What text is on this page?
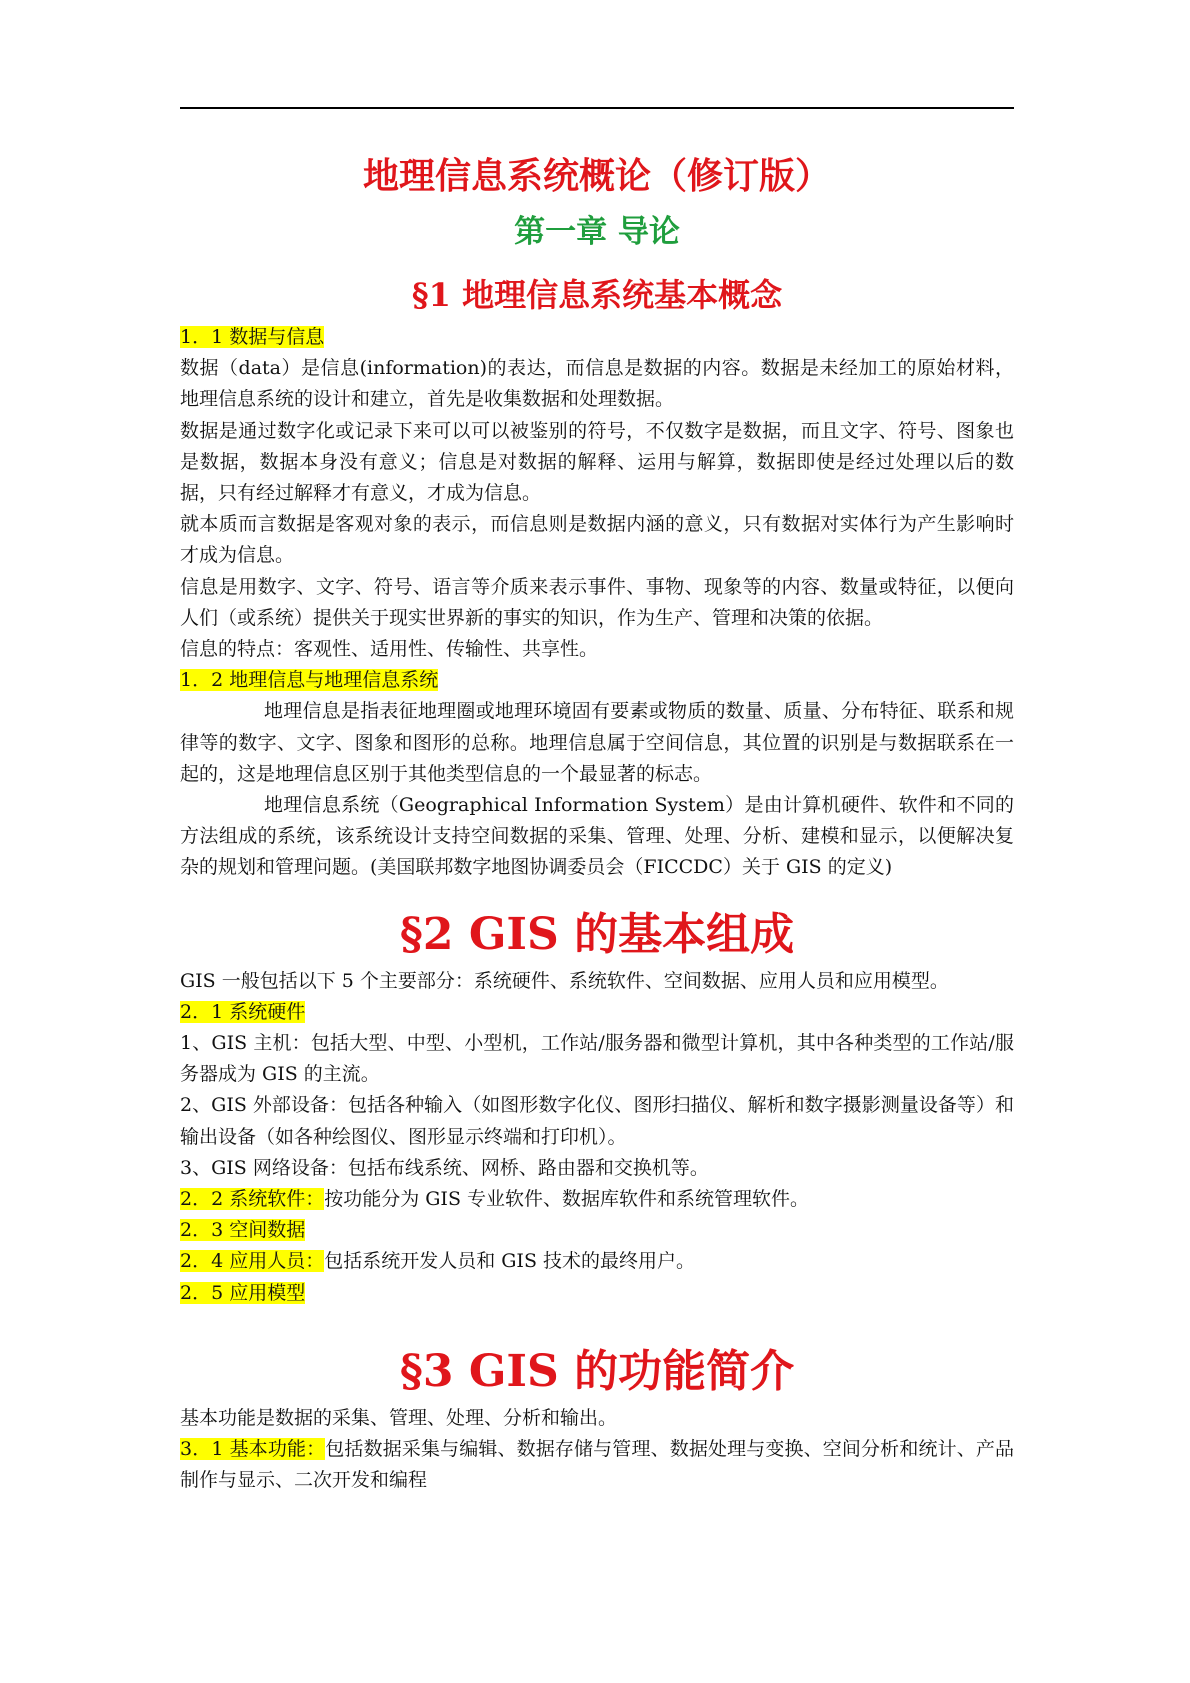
地理信息系统概论（修订版）
第一章 导论
§1 地理信息系统基本概念

1．1 数据与信息

数据（data）是信息(information)的表达，而信息是数据的内容。数据是未经加工的原始材料，地理信息系统的设计和建立，首先是收集数据和处理数据。

数据是通过数字化或记录下来可以可以被鉴别的符号，不仅数字是数据，而且文字、符号、图象也是数据，数据本身没有意义；信息是对数据的解释、运用与解算，数据即使是经过处理以后的数据，只有经过解释才有意义，才成为信息。

就本质而言数据是客观对象的表示，而信息则是数据内涵的意义，只有数据对实体行为产生影响时才成为信息。

信息是用数字、文字、符号、语言等介质来表示事件、事物、现象等的内容、数量或特征，以便向人们（或系统）提供关于现实世界新的事实的知识，作为生产、管理和决策的依据。

信息的特点：客观性、适用性、传输性、共享性。

1．2 地理信息与地理信息系统

地理信息是指表征地理圈或地理环境固有要素或物质的数量、质量、分布特征、联系和规律等的数字、文字、图象和图形的总称。地理信息属于空间信息，其位置的识别是与数据联系在一起的，这是地理信息区别于其他类型信息的一个最显著的标志。

地理信息系统（Geographical Information System）是由计算机硬件、软件和不同的方法组成的系统，该系统设计支持空间数据的采集、管理、处理、分析、建模和显示，以便解决复杂的规划和管理问题。(美国联邦数字地图协调委员会（FICCDC）关于 GIS 的定义)

§2 GIS 的基本组成

GIS 一般包括以下 5 个主要部分：系统硬件、系统软件、空间数据、应用人员和应用模型。

2．1 系统硬件

1、GIS 主机：包括大型、中型、小型机，工作站/服务器和微型计算机，其中各种类型的工作站/服务器成为 GIS 的主流。

2、GIS 外部设备：包括各种输入（如图形数字化仪、图形扫描仪、解析和数字摄影测量设备等）和输出设备（如各种绘图仪、图形显示终端和打印机）。

3、GIS 网络设备：包括布线系统、网桥、路由器和交换机等。

2．2 系统软件：按功能分为 GIS 专业软件、数据库软件和系统管理软件。

2．3 空间数据

2．4 应用人员：包括系统开发人员和 GIS 技术的最终用户。

2．5 应用模型

§3 GIS 的功能简介

基本功能是数据的采集、管理、处理、分析和输出。

3．1 基本功能：包括数据采集与编辑、数据存储与管理、数据处理与变换、空间分析和统计、产品制作与显示、二次开发和编程
